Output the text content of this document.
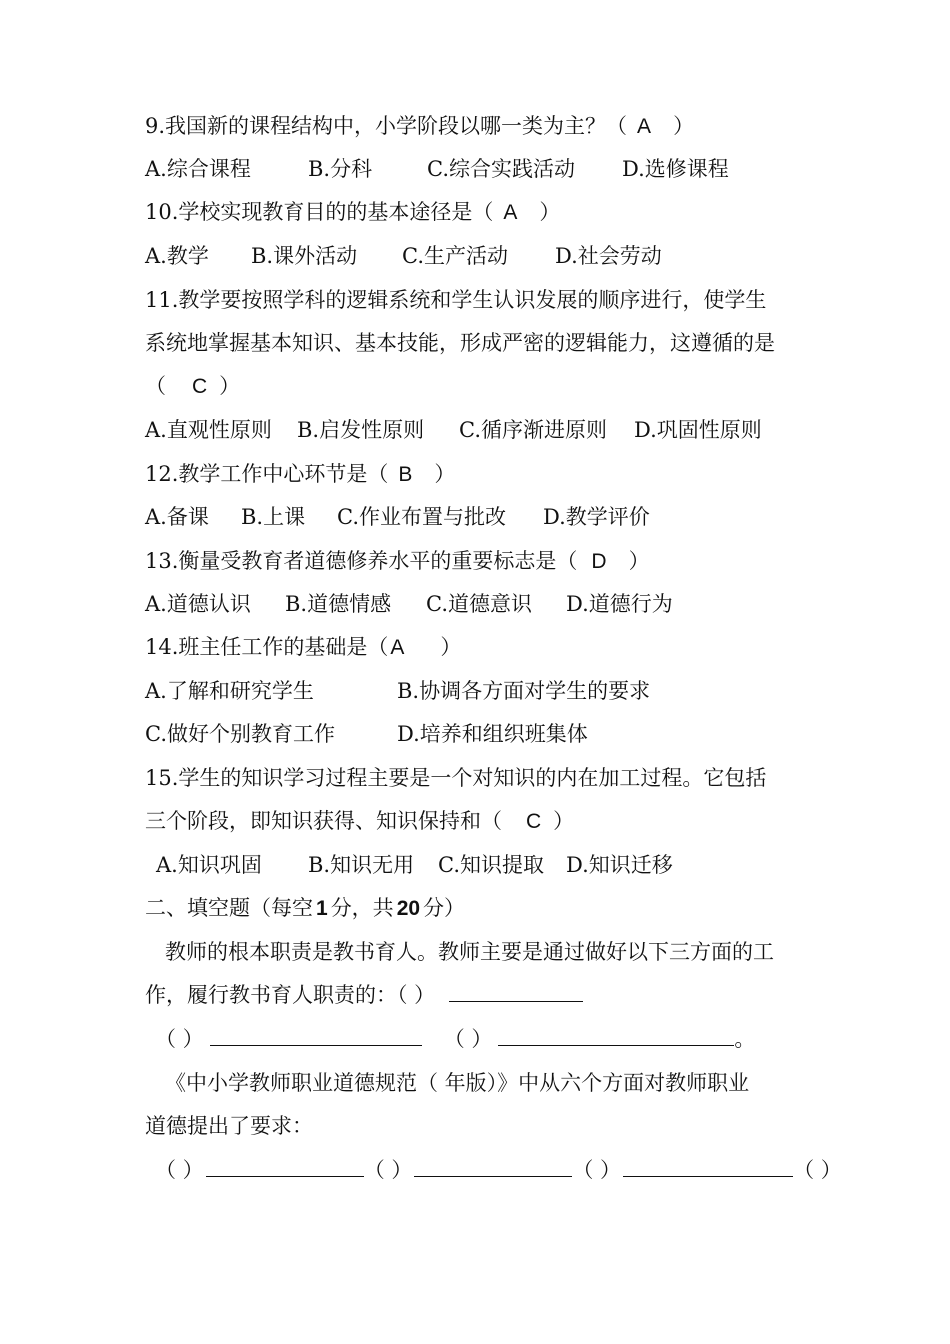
9.我国新的课程结构中，小学阶段以哪一类为主？（ A ）
A.综合课程	B.分科	C.综合实践活动 D.选修课程
10.学校实现教育目的的基本途径是（ A ）
A.教学 B.课外活动 C.生产活动 D.社会劳动
11.教学要按照学科的逻辑系统和学生认识发展的顺序进行，使学生
系统地掌握基本知识、基本技能，形成严密的逻辑能力，这遵循的是
（ C ）
A.直观性原则 B.启发性原则 C.循序渐进原则 D.巩固性原则
12.教学工作中心环节是（ B ）
A.备课 B.上课 C.作业布置与批改 D.教学评价
13.衡量受教育者道德修养水平的重要标志是（ D ）
A.道德认识 B.道德情感 C.道德意识 D.道德行为
14.班主任工作的基础是（A ）
A.了解和研究学生	B.协调各方面对学生的要求
C.做好个别教育工作	D.培养和组织班集体
15.学生的知识学习过程主要是一个对知识的内在加工过程。它包括
三个阶段，即知识获得、知识保持和（ C ）
A.知识巩固 B.知识无用 C.知识提取 D.知识迁移
二、填空题（每空 1 分，共 20 分）
教师的根本职责是教书育人。教师主要是通过做好以下三方面的工
作，履行教书育人职责的：（ ）
（ ）	（ ）	。
《中小学教师职业道德规范（ 年版）》中从六个方面对教师职业
道德提出了要求：
（ ）	（ ）	（ ）	（ ）
